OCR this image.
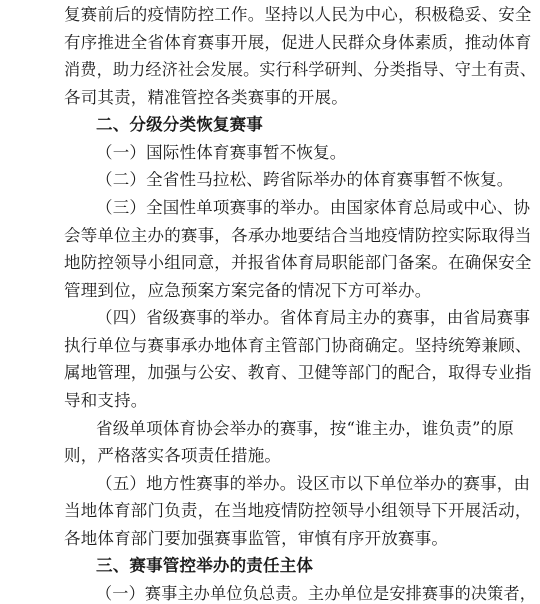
复赛前后的疫情防控工作。坚持以人民为中心，积极稳妥、安全
有序推进全省体育赛事开展，促进人民群众身体素质，推动体育
消费，助力经济社会发展。实行科学研判、分类指导、守土有责、
各司其责，精准管控各类赛事的开展。
二、分级分类恢复赛事
（一）国际性体育赛事暂不恢复。
（二）全省性马拉松、跨省际举办的体育赛事暂不恢复。
（三）全国性单项赛事的举办。由国家体育总局或中心、协
会等单位主办的赛事，各承办地要结合当地疫情防控实际取得当
地防控领导小组同意，并报省体育局职能部门备案。在确保安全
管理到位，应急预案方案完备的情况下方可举办。
（四）省级赛事的举办。省体育局主办的赛事，由省局赛事
执行单位与赛事承办地体育主管部门协商确定。坚持统筹兼顾、
属地管理，加强与公安、教育、卫健等部门的配合，取得专业指
导和支持。
省级单项体育协会举办的赛事，按“谁主办，谁负责”的原
则，严格落实各项责任措施。
（五）地方性赛事的举办。设区市以下单位举办的赛事，由
当地体育部门负责，在当地疫情防控领导小组领导下开展活动，
各地体育部门要加强赛事监管，审慎有序开放赛事。
三、赛事管控举办的责任主体
（一）赛事主办单位负总责。主办单位是安排赛事的决策者，
